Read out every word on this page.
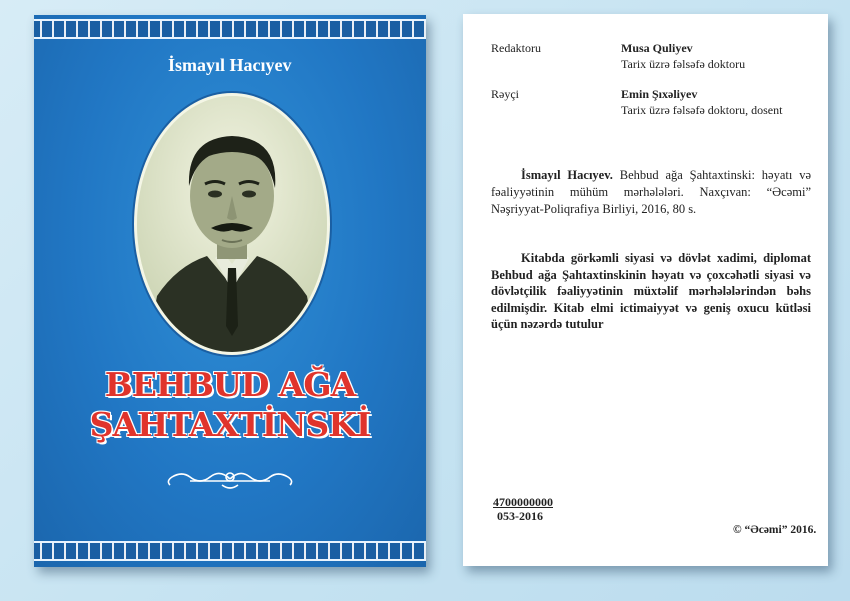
İsmayıl Hacıyev
BEHBUD AĞA
ŞAHTAXTİNSKİ
Redaktoru	Musa Quliyev
Tarix üzrə fəlsəfə doktoru
Rəyçi	Emin Şıxəliyev
Tarix üzrə fəlsəfə doktoru, dosent
İsmayıl Hacıyev. Behbud ağa Şahtaxtinski: həyatı və fəaliyyətinin mühüm mərhələləri. Naxçıvan: “Əcəmi” Nəşriyyat-Poliqrafiya Birliyi, 2016, 80 s.
Kitabda görkəmli siyasi və dövlət xadimi, diplomat Behbud ağa Şahtaxtinskinin həyatı və çoxcəhətli siyasi və dövlətçilik fəaliyyətinin müxtəlif mərhələlərindən bəhs edilmişdir. Kitab elmi ictimaiyyət və geniş oxucu kütləsi üçün nəzərdə tutulur
4700000000
053-2016
© “Əcəmi” 2016.
